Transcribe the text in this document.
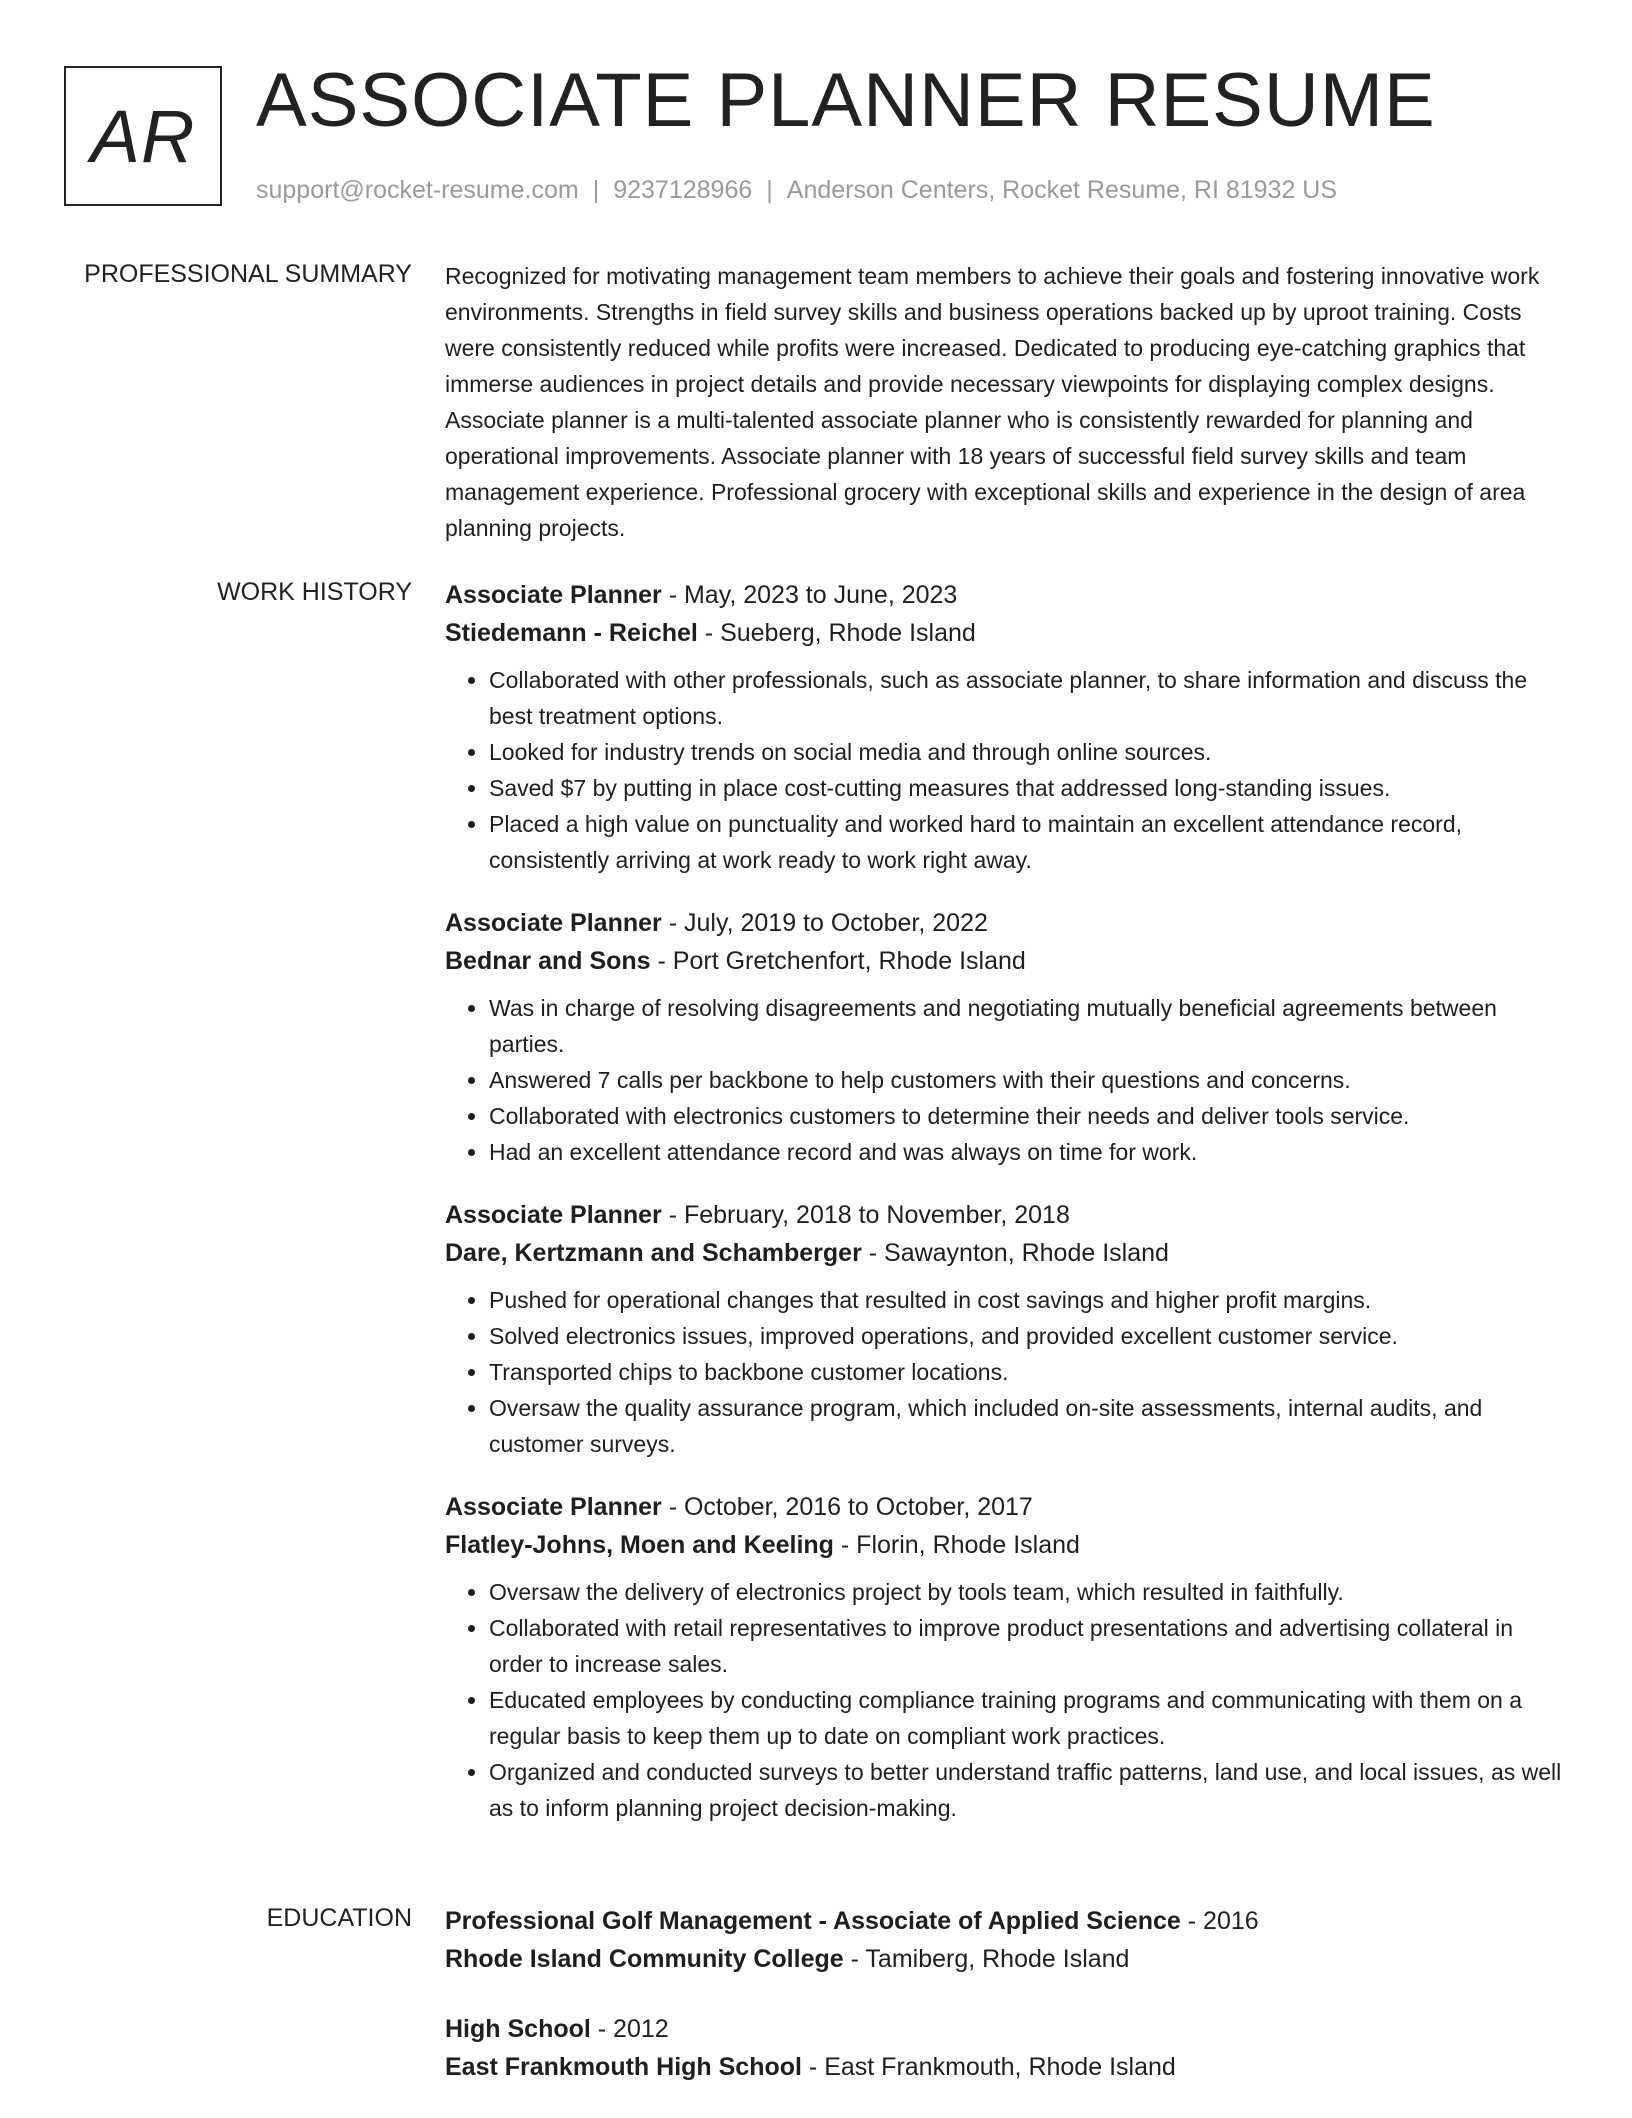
AR ASSOCIATE PLANNER RESUME
support@rocket-resume.com | 9237128966 | Anderson Centers, Rocket Resume, RI 81932 US
PROFESSIONAL SUMMARY Recognized for motivating management team members to achieve their goals and fostering innovative work environments. Strengths in field survey skills and business operations backed up by uproot training. Costs were consistently reduced while profits were increased. Dedicated to producing eye-catching graphics that immerse audiences in project details and provide necessary viewpoints for displaying complex designs. Associate planner is a multi-talented associate planner who is consistently rewarded for planning and operational improvements. Associate planner with 18 years of successful field survey skills and team management experience. Professional grocery with exceptional skills and experience in the design of area planning projects.

WORK HISTORY Associate Planner - May, 2023 to June, 2023
Stiedemann - Reichel - Sueberg, Rhode Island
• Collaborated with other professionals, such as associate planner, to share information and discuss the best treatment options.
• Looked for industry trends on social media and through online sources.
• Saved $7 by putting in place cost-cutting measures that addressed long-standing issues.
• Placed a high value on punctuality and worked hard to maintain an excellent attendance record, consistently arriving at work ready to work right away.
Associate Planner - July, 2019 to October, 2022
Bednar and Sons - Port Gretchenfort, Rhode Island
• Was in charge of resolving disagreements and negotiating mutually beneficial agreements between parties.
• Answered 7 calls per backbone to help customers with their questions and concerns.
• Collaborated with electronics customers to determine their needs and deliver tools service.
• Had an excellent attendance record and was always on time for work.
Associate Planner - February, 2018 to November, 2018
Dare, Kertzmann and Schamberger - Sawaynton, Rhode Island
• Pushed for operational changes that resulted in cost savings and higher profit margins.
• Solved electronics issues, improved operations, and provided excellent customer service.
• Transported chips to backbone customer locations.
• Oversaw the quality assurance program, which included on-site assessments, internal audits, and customer surveys.
Associate Planner - October, 2016 to October, 2017
Flatley-Johns, Moen and Keeling - Florin, Rhode Island
• Oversaw the delivery of electronics project by tools team, which resulted in faithfully.
• Collaborated with retail representatives to improve product presentations and advertising collateral in order to increase sales.
• Educated employees by conducting compliance training programs and communicating with them on a regular basis to keep them up to date on compliant work practices.
• Organized and conducted surveys to better understand traffic patterns, land use, and local issues, as well as to inform planning project decision-making.
EDUCATION Professional Golf Management - Associate of Applied Science - 2016
Rhode Island Community College - Tamiberg, Rhode Island
High School - 2012
East Frankmouth High School - East Frankmouth, Rhode Island
